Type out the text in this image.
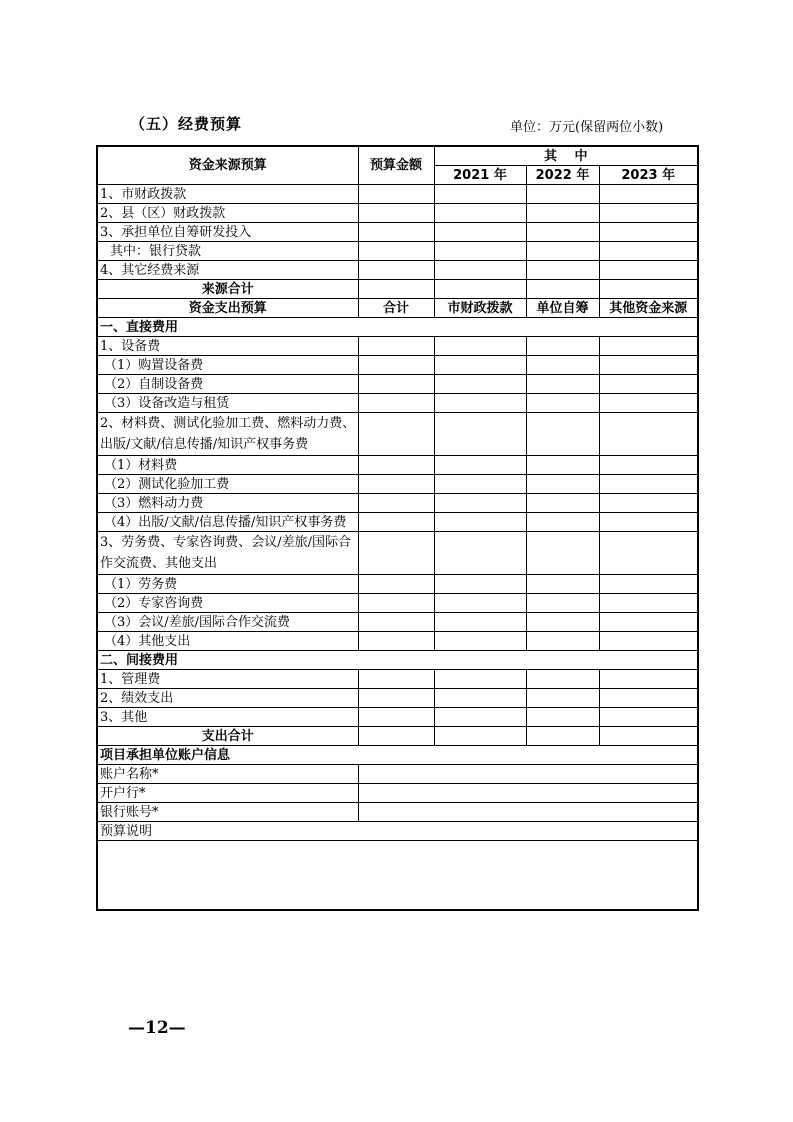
（五）经费预算	单位：万元(保留两位小数)
资金来源预算	预算金额	其　 中		
		2021 年	2022 年	2023 年
1、市财政拨款				
2、县（区）财政拨款				
3、承担单位自筹研发投入				
其中：银行贷款				
4、其它经费来源				
来源合计				
资金支出预算	合计	市财政拨款	单位自筹	其他资金来源
一、直接费用				
1、设备费				
（1）购置设备费				
（2）自制设备费				
（3）设备改造与租赁				
2、材料费、测试化验加工费、燃料动力费、出版/文献/信息传播/知识产权事务费				
（1）材料费				
（2）测试化验加工费				
（3）燃料动力费				
（4）出版/文献/信息传播/知识产权事务费				
3、劳务费、专家咨询费、会议/差旅/国际合作交流费、其他支出				
（1）劳务费				
（2）专家咨询费				
（3）会议/差旅/国际合作交流费				
（4）其他支出				
二、间接费用				
1、管理费				
2、绩效支出				
3、其他				
支出合计				
项目承担单位账户信息				
账户名称*				
开户行*				
银行账号*				
预算说明				

—12—
